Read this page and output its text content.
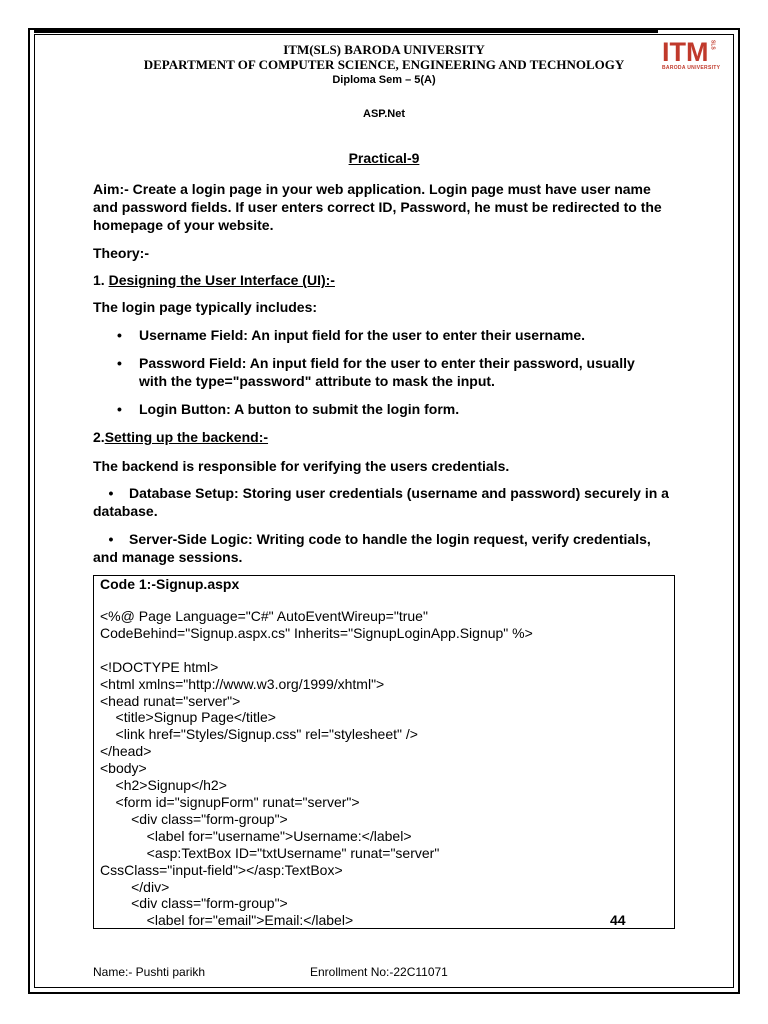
ITM(SLS) BARODA UNIVERSITY
DEPARTMENT OF COMPUTER SCIENCE, ENGINEERING AND TECHNOLOGY
Diploma Sem – 5(A)
ITM SLS
BARODA UNIVERSITY
ASP.Net
Practical-9
Aim:- Create a login page in your web application. Login page must have user name and password fields. If user enters correct ID, Password, he must be redirected to the homepage of your website.
Theory:-
1. Designing the User Interface (UI):-
The login page typically includes:
• Username Field: An input field for the user to enter their username.
• Password Field: An input field for the user to enter their password, usually with the type="password" attribute to mask the input.
• Login Button: A button to submit the login form.
2.Setting up the backend:-
The backend is responsible for verifying the users credentials.
•    Database Setup: Storing user credentials (username and password) securely in a database.
•    Server-Side Logic: Writing code to handle the login request, verify credentials, and manage sessions.
Code 1:-Signup.aspx
<%@ Page Language="C#" AutoEventWireup="true"
CodeBehind="Signup.aspx.cs" Inherits="SignupLoginApp.Signup" %>

<!DOCTYPE html>
<html xmlns="http://www.w3.org/1999/xhtml">
<head runat="server">
<title>Signup Page</title>
<link href="Styles/Signup.css" rel="stylesheet" />
</head>
<body>
<h2>Signup</h2>
<form id="signupForm" runat="server">
<div class="form-group">
<label for="username">Username:</label>
<asp:TextBox ID="txtUsername" runat="server"
CssClass="input-field"></asp:TextBox>
</div>
<div class="form-group">
<label for="email">Email:</label>	44
Name:- Pushti parikh	Enrollment No:-22C11071
